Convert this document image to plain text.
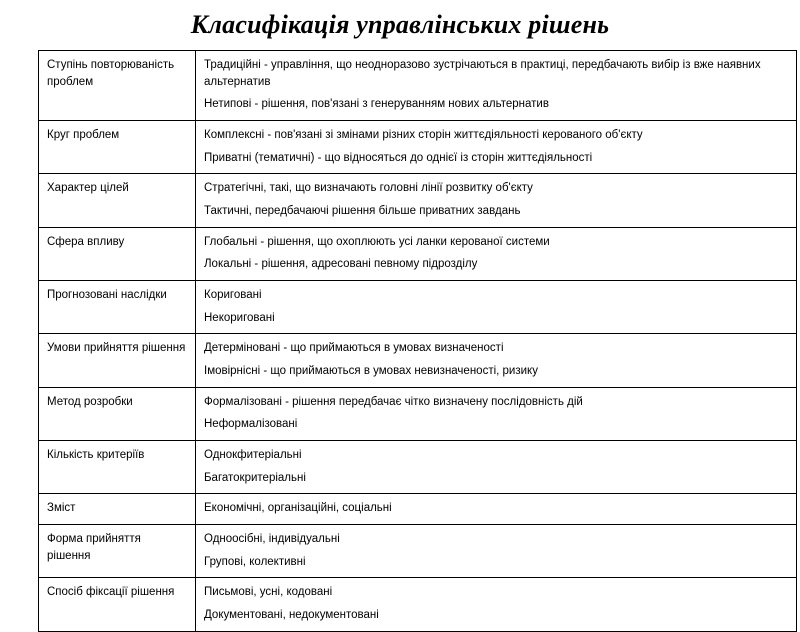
Класифікація управлінських рішень
Ступінь повторюваність проблем	Традиційні - управління, що неодноразово зустрічаються в практиці, передбачають вибір із вже наявних альтернатив
Нетипові - рішення, пов'язані з генеруванням нових альтернатив

Круг проблем	Комплексні - пов'язані зі змінами різних сторін життєдіяльності керованого об'єкту
Приватні (тематичні) - що відносяться до однієї із сторін життєдіяльності

Характер цілей	Стратегічні, такі, що визначають головні лінії розвитку об'єкту
Тактичні, передбачаючі рішення більше приватних завдань

Сфера впливу	Глобальні - рішення, що охоплюють усі ланки керованої системи
Локальні - рішення, адресовані певному підрозділу

Прогнозовані наслідки	Кориговані
Некориговані

Умови прийняття рішення	Детерміновані - що приймаються в умовах визначеності
Імовірнісні - що приймаються в умовах невизначеності, ризику

Метод розробки	Формалізовані - рішення передбачає чітко визначену послідовність дій
Неформалізовані

Кількість критеріїв	Однокфитеріальні
Багатокритеріальні

Зміст	Економічні, організаційні, соціальні

Форма прийняття рішення	Одноосібні, індивідуальні
Групові, колективні

Спосіб фіксації рішення	Письмові, усні, кодовані
Документовані, недокументовані
